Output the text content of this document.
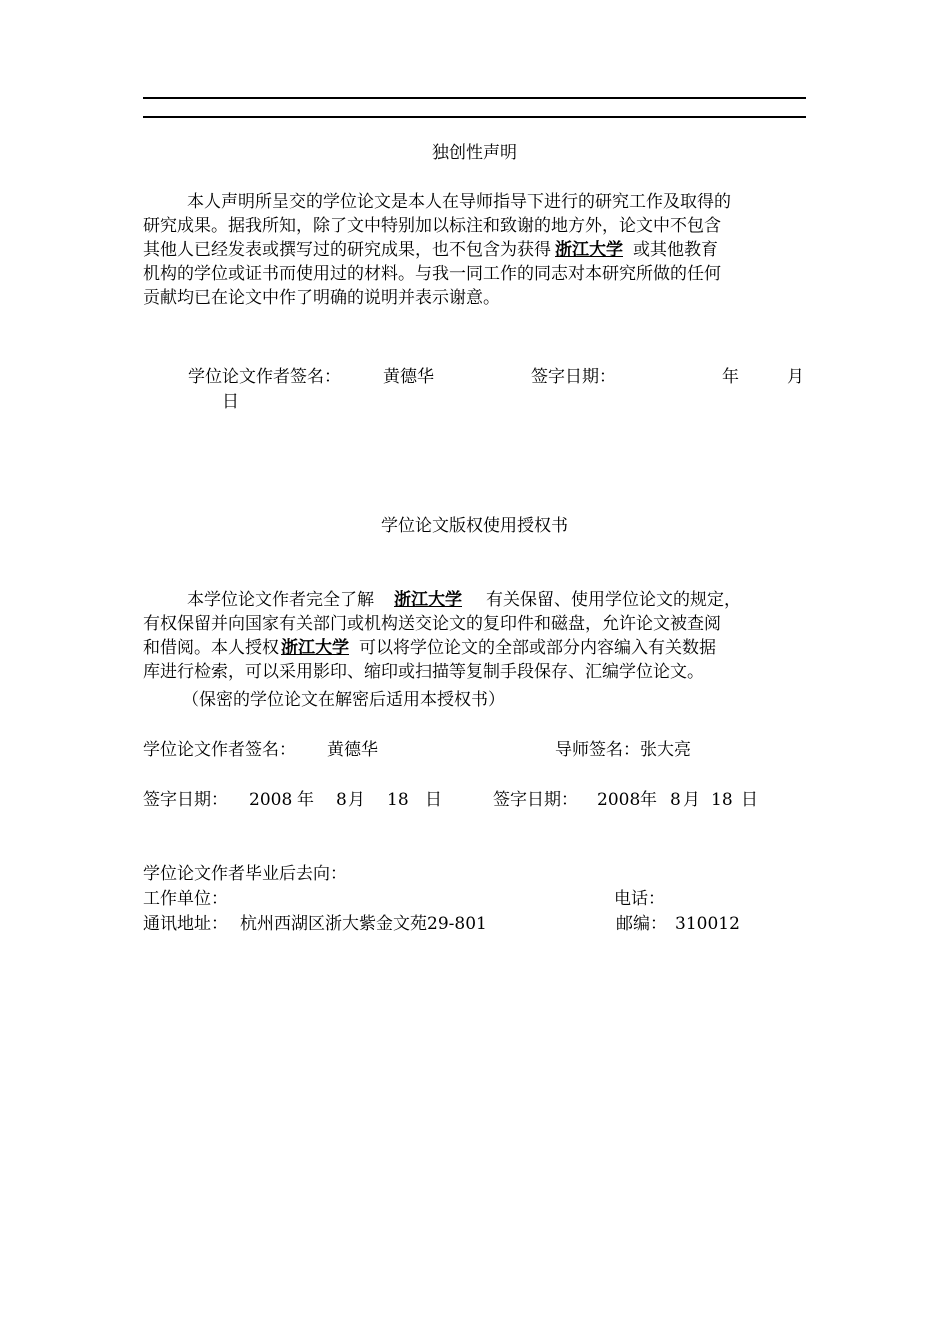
独创性声明
本人声明所呈交的学位论文是本人在导师指导下进行的研究工作及取得的
研究成果。据我所知，除了文中特别加以标注和致谢的地方外，论文中不包含
其他人已经发表或撰写过的研究成果，也不包含为获得 浙江大学 或其他教育
机构的学位或证书而使用过的材料。与我一同工作的同志对本研究所做的任何
贡献均已在论文中作了明确的说明并表示谢意。
学位论文作者签名： 黄德华	签字日期：	年	月
日
学位论文版权使用授权书
本学位论文作者完全了解 浙江大学 有关保留、使用学位论文的规定，
有权保留并向国家有关部门或机构送交论文的复印件和磁盘，允许论文被查阅
和借阅。本人授权 浙江大学 可以将学位论文的全部或部分内容编入有关数据
库进行检索，可以采用影印、缩印或扫描等复制手段保存、汇编学位论文。
（保密的学位论文在解密后适用本授权书）
学位论文作者签名： 黄德华	导师签名： 张大亮
签字日期： 2008 年 8 月 18 日	签字日期： 2008 年 8 月 18 日
学位论文作者毕业后去向：
工作单位：	电话：
通讯地址： 杭州西湖区浙大紫金文苑29-801	邮编： 310012
